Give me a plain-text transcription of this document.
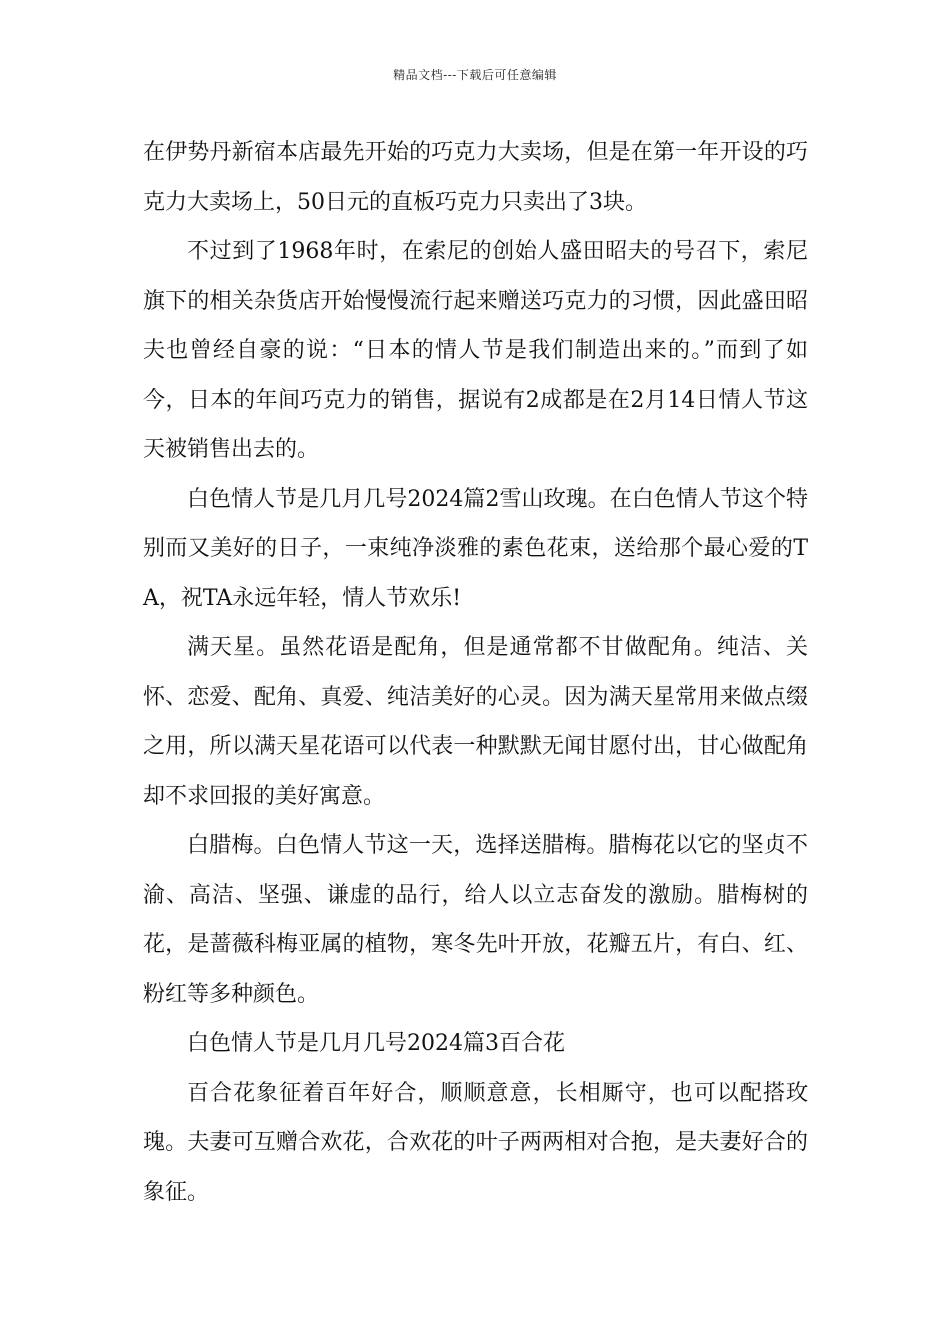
精品文档---下载后可任意编辑

在伊势丹新宿本店最先开始的巧克力大卖场，但是在第一年开设的巧克力大卖场上，50日元的直板巧克力只卖出了3块。

不过到了1968年时，在索尼的创始人盛田昭夫的号召下，索尼旗下的相关杂货店开始慢慢流行起来赠送巧克力的习惯，因此盛田昭夫也曾经自豪的说：“日本的情人节是我们制造出来的。”而到了如今，日本的年间巧克力的销售，据说有2成都是在2月14日情人节这天被销售出去的。

白色情人节是几月几号2024篇2雪山玫瑰。在白色情人节这个特别而又美好的日子，一束纯净淡雅的素色花束，送给那个最心爱的TA，祝TA永远年轻，情人节欢乐!

满天星。虽然花语是配角，但是通常都不甘做配角。纯洁、关怀、恋爱、配角、真爱、纯洁美好的心灵。因为满天星常用来做点缀之用，所以满天星花语可以代表一种默默无闻甘愿付出，甘心做配角却不求回报的美好寓意。

白腊梅。白色情人节这一天，选择送腊梅。腊梅花以它的坚贞不渝、高洁、坚强、谦虚的品行，给人以立志奋发的激励。腊梅树的花，是蔷薇科梅亚属的植物，寒冬先叶开放，花瓣五片，有白、红、粉红等多种颜色。

白色情人节是几月几号2024篇3百合花

百合花象征着百年好合，顺顺意意，长相厮守，也可以配搭玫瑰。夫妻可互赠合欢花，合欢花的叶子两两相对合抱，是夫妻好合的象征。
